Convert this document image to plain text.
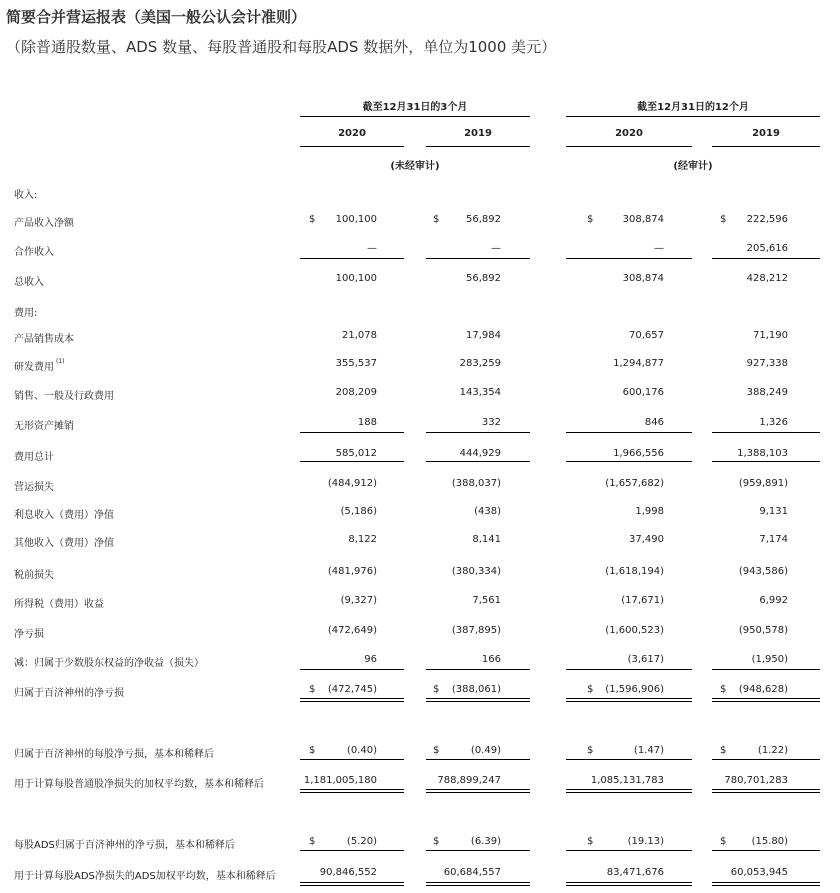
简要合并营运报表（美国一般公认会计准则）
（除普通股数量、ADS 数量、每股普通股和每股ADS 数据外，单位为1000 美元）
截至12月31日的3个月	截至12月31日的12个月
2020	2019	2020	2019
(未经审计)	(经审计)
收入:
产品收入净额	$	100,100	$	56,892	$	308,874	$	222,596
合作收入	—	—	—	205,616
总收入	100,100	56,892	308,874	428,212
费用:
产品销售成本	21,078	17,984	70,657	71,190
研发费用$^{(1)}$	355,537	283,259	1,294,877	927,338
销售、一般及行政费用	208,209	143,354	600,176	388,249
无形资产摊销	188	332	846	1,326
费用总计	585,012	444,929	1,966,556	1,388,103
营运损失	(484,912)	(388,037)	(1,657,682)	(959,891)
利息收入（费用）净值	(5,186)	(438)	1,998	9,131
其他收入（费用）净值	8,122	8,141	37,490	7,174
税前损失	(481,976)	(380,334)	(1,618,194)	(943,586)
所得税（费用）收益	(9,327)	7,561	(17,671)	6,992
净亏损	(472,649)	(387,895)	(1,600,523)	(950,578)
减：归属于少数股东权益的净收益（损失）	96	166	(3,617)	(1,950)
归属于百济神州的净亏损	$	(472,745)	$	(388,061)	$	(1,596,906)	$	(948,628)
归属于百济神州的每股净亏损，基本和稀释后	$	(0.40)	$	(0.49)	$	(1.47)	$	(1.22)
用于计算每股普通股净损失的加权平均数，基本和稀释后	1,181,005,180	788,899,247	1,085,131,783	780,701,283
每股ADS归属于百济神州的净亏损，基本和稀释后	$	(5.20)	$	(6.39)	$	(19.13)	$	(15.80)
用于计算每股ADS净损失的ADS加权平均数，基本和稀释后	90,846,552	60,684,557	83,471,676	60,053,945
